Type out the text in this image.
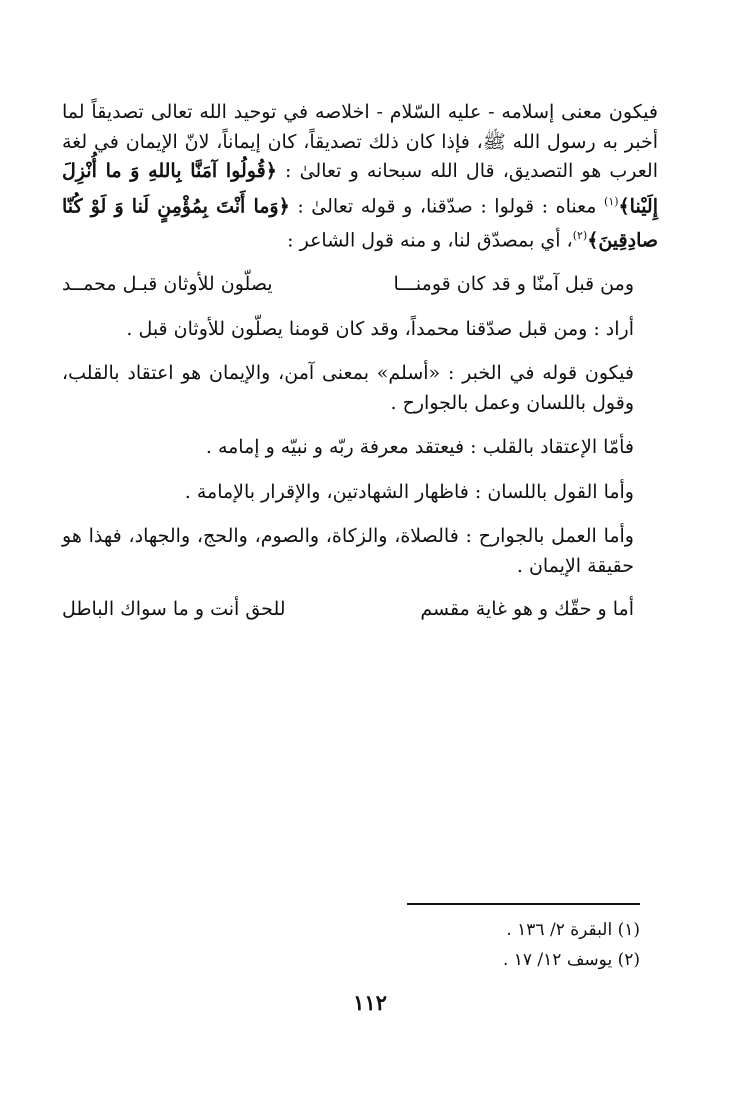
فيكون معنى إسلامه - عليه السّلام - اخلاصه في توحيد الله تعالى تصديقاً لما أخبر به رسول الله ﷺ، فإذا كان ذلك تصديقاً، كان إيماناً، لانّ الإيمان في لغة العرب هو التصديق، قال الله سبحانه و تعالىٰ : ﴿قُولُوا آمَنَّا بِاللهِ وَ ما أُنْزِلَ إِلَيْنا﴾$^{(١)}$ معناه : قولوا : صدّقنا، و قوله تعالىٰ : ﴿وَما أَنْتَ بِمُؤْمِنٍ لَنا وَ لَوْ كُنّا صادِقِينَ﴾$^{(٢)}$، أي بمصدّق لنا، و منه قول الشاعر :

ومن قبل آمنّا و قد كان قومنـــا
يصلّون للأوثان قبـل محمــد

أراد : ومن قبل صدّقنا محمداً، وقد كان قومنا يصلّون للأوثان قبل .

فيكون قوله في الخبر : «أسلم» بمعنى آمن، والإيمان هو اعتقاد بالقلب، وقول باللسان وعمل بالجوارح .

فأمّا الإعتقاد بالقلب : فيعتقد معرفة ربّه و نبيّه و إمامه .

وأما القول باللسان : فاظهار الشهادتين، والإقرار بالإمامة .

وأما العمل بالجوارح : فالصلاة، والزكاة، والصوم، والحج، والجهاد، فهذا هو حقيقة الإيمان .

أما و حقّك و هو غاية مقسم
للحق أنت و ما سواك الباطل

(١) البقرة ٢/ ١٣٦ .

(٢) يوسف ١٢/ ١٧ .

١١٢
